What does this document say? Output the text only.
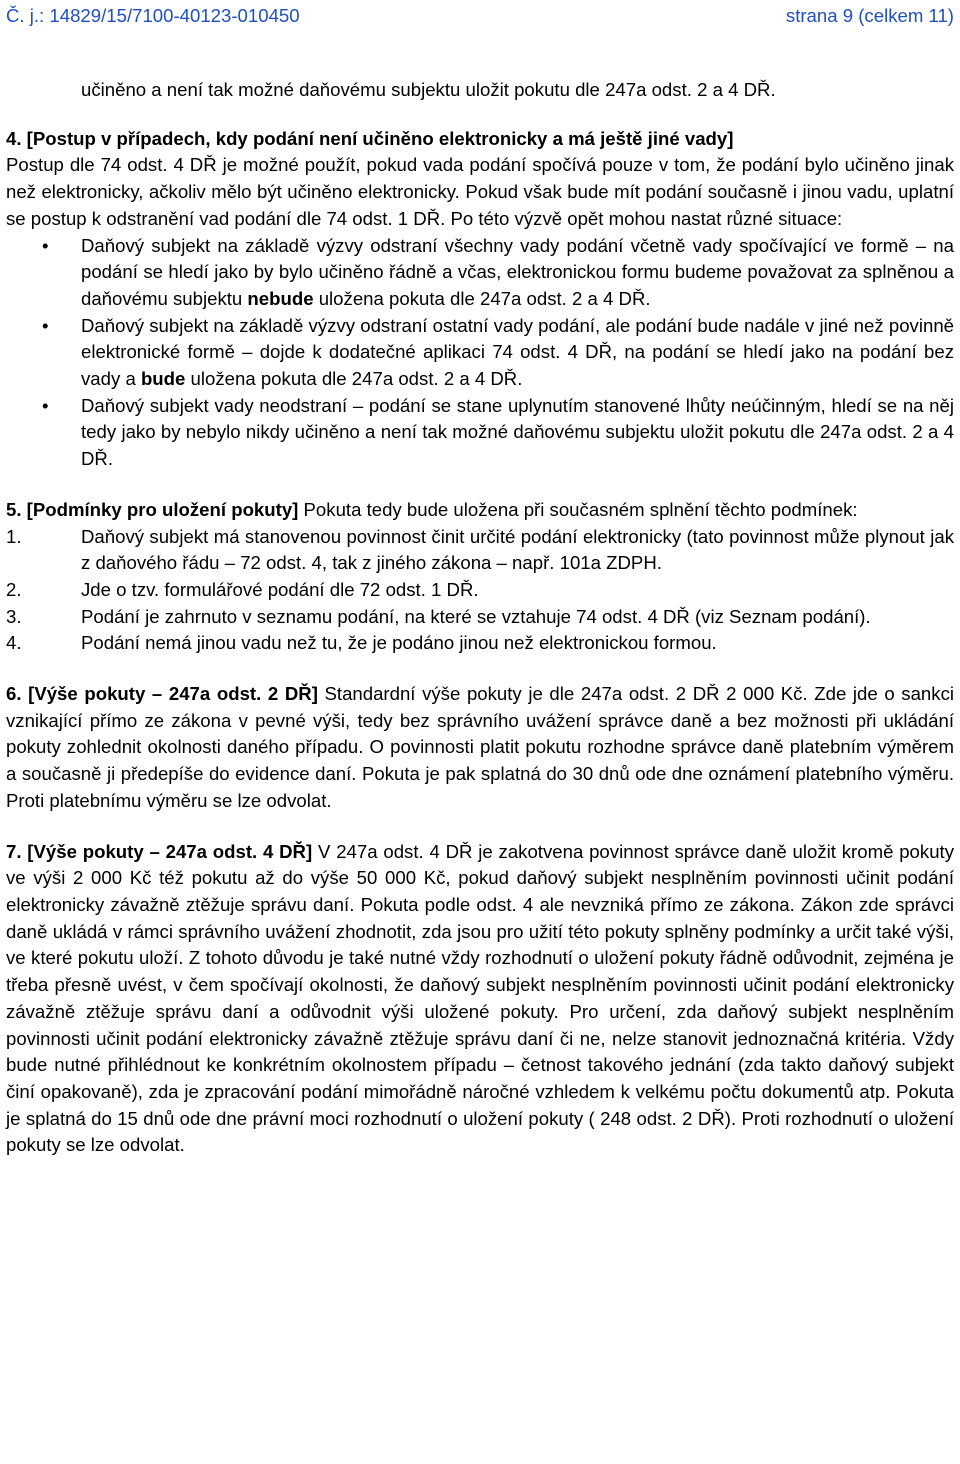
Č. j.: 14829/15/7100-40123-010450	strana 9 (celkem 11)

učiněno a není tak možné daňovému subjektu uložit pokutu dle 247a odst. 2 a 4 DŘ.

4. [Postup v případech, kdy podání není učiněno elektronicky a má ještě jiné vady]

Postup dle 74 odst. 4 DŘ je možné použít, pokud vada podání spočívá pouze v tom, že podání bylo učiněno jinak než elektronicky, ačkoliv mělo být učiněno elektronicky. Pokud však bude mít podání současně i jinou vadu, uplatní se postup k odstranění vad podání dle 74 odst. 1 DŘ. Po této výzvě opět mohou nastat různé situace:

• Daňový subjekt na základě výzvy odstraní všechny vady podání včetně vady spočívající ve formě – na podání se hledí jako by bylo učiněno řádně a včas, elektronickou formu budeme považovat za splněnou a daňovému subjektu nebude uložena pokuta dle 247a odst. 2 a 4 DŘ.
• Daňový subjekt na základě výzvy odstraní ostatní vady podání, ale podání bude nadále v jiné než povinně elektronické formě – dojde k dodatečné aplikaci 74 odst. 4 DŘ, na podání se hledí jako na podání bez vady a bude uložena pokuta dle 247a odst. 2 a 4 DŘ.
• Daňový subjekt vady neodstraní – podání se stane uplynutím stanovené lhůty neúčinným, hledí se na něj tedy jako by nebylo nikdy učiněno a není tak možné daňovému subjektu uložit pokutu dle 247a odst. 2 a 4 DŘ.

5. [Podmínky pro uložení pokuty] Pokuta tedy bude uložena při současném splnění těchto podmínek:

1.	Daňový subjekt má stanovenou povinnost činit určité podání elektronicky (tato povinnost může plynout jak z daňového řádu – 72 odst. 4, tak z jiného zákona – např. 101a ZDPH.
2.	Jde o tzv. formulářové podání dle 72 odst. 1 DŘ.
3.	Podání je zahrnuto v seznamu podání, na které se vztahuje 74 odst. 4 DŘ (viz Seznam podání).
4.	Podání nemá jinou vadu než tu, že je podáno jinou než elektronickou formou.

6. [Výše pokuty – 247a odst. 2 DŘ] Standardní výše pokuty je dle 247a odst. 2 DŘ 2 000 Kč. Zde jde o sankci vznikající přímo ze zákona v pevné výši, tedy bez správního uvážení správce daně a bez možnosti při ukládání pokuty zohlednit okolnosti daného případu. O povinnosti platit pokutu rozhodne správce daně platebním výměrem a současně ji předepíše do evidence daní. Pokuta je pak splatná do 30 dnů ode dne oznámení platebního výměru. Proti platebnímu výměru se lze odvolat.

7. [Výše pokuty – 247a odst. 4 DŘ] V 247a odst. 4 DŘ je zakotvena povinnost správce daně uložit kromě pokuty ve výši 2 000 Kč též pokutu až do výše 50 000 Kč, pokud daňový subjekt nesplněním povinnosti učinit podání elektronicky závažně ztěžuje správu daní. Pokuta podle odst. 4 ale nevzniká přímo ze zákona. Zákon zde správci daně ukládá v rámci správního uvážení zhodnotit, zda jsou pro užití této pokuty splněny podmínky a určit také výši, ve které pokutu uloží. Z tohoto důvodu je také nutné vždy rozhodnutí o uložení pokuty řádně odůvodnit, zejména je třeba přesně uvést, v čem spočívají okolnosti, že daňový subjekt nesplněním povinnosti učinit podání elektronicky závažně ztěžuje správu daní a odůvodnit výši uložené pokuty. Pro určení, zda daňový subjekt nesplněním povinnosti učinit podání elektronicky závažně ztěžuje správu daní či ne, nelze stanovit jednoznačná kritéria. Vždy bude nutné přihlédnout ke konkrétním okolnostem případu – četnost takového jednání (zda takto daňový subjekt činí opakovaně), zda je zpracování podání mimořádně náročné vzhledem k velkému počtu dokumentů atp. Pokuta je splatná do 15 dnů ode dne právní moci rozhodnutí o uložení pokuty ( 248 odst. 2 DŘ). Proti rozhodnutí o uložení pokuty se lze odvolat.
